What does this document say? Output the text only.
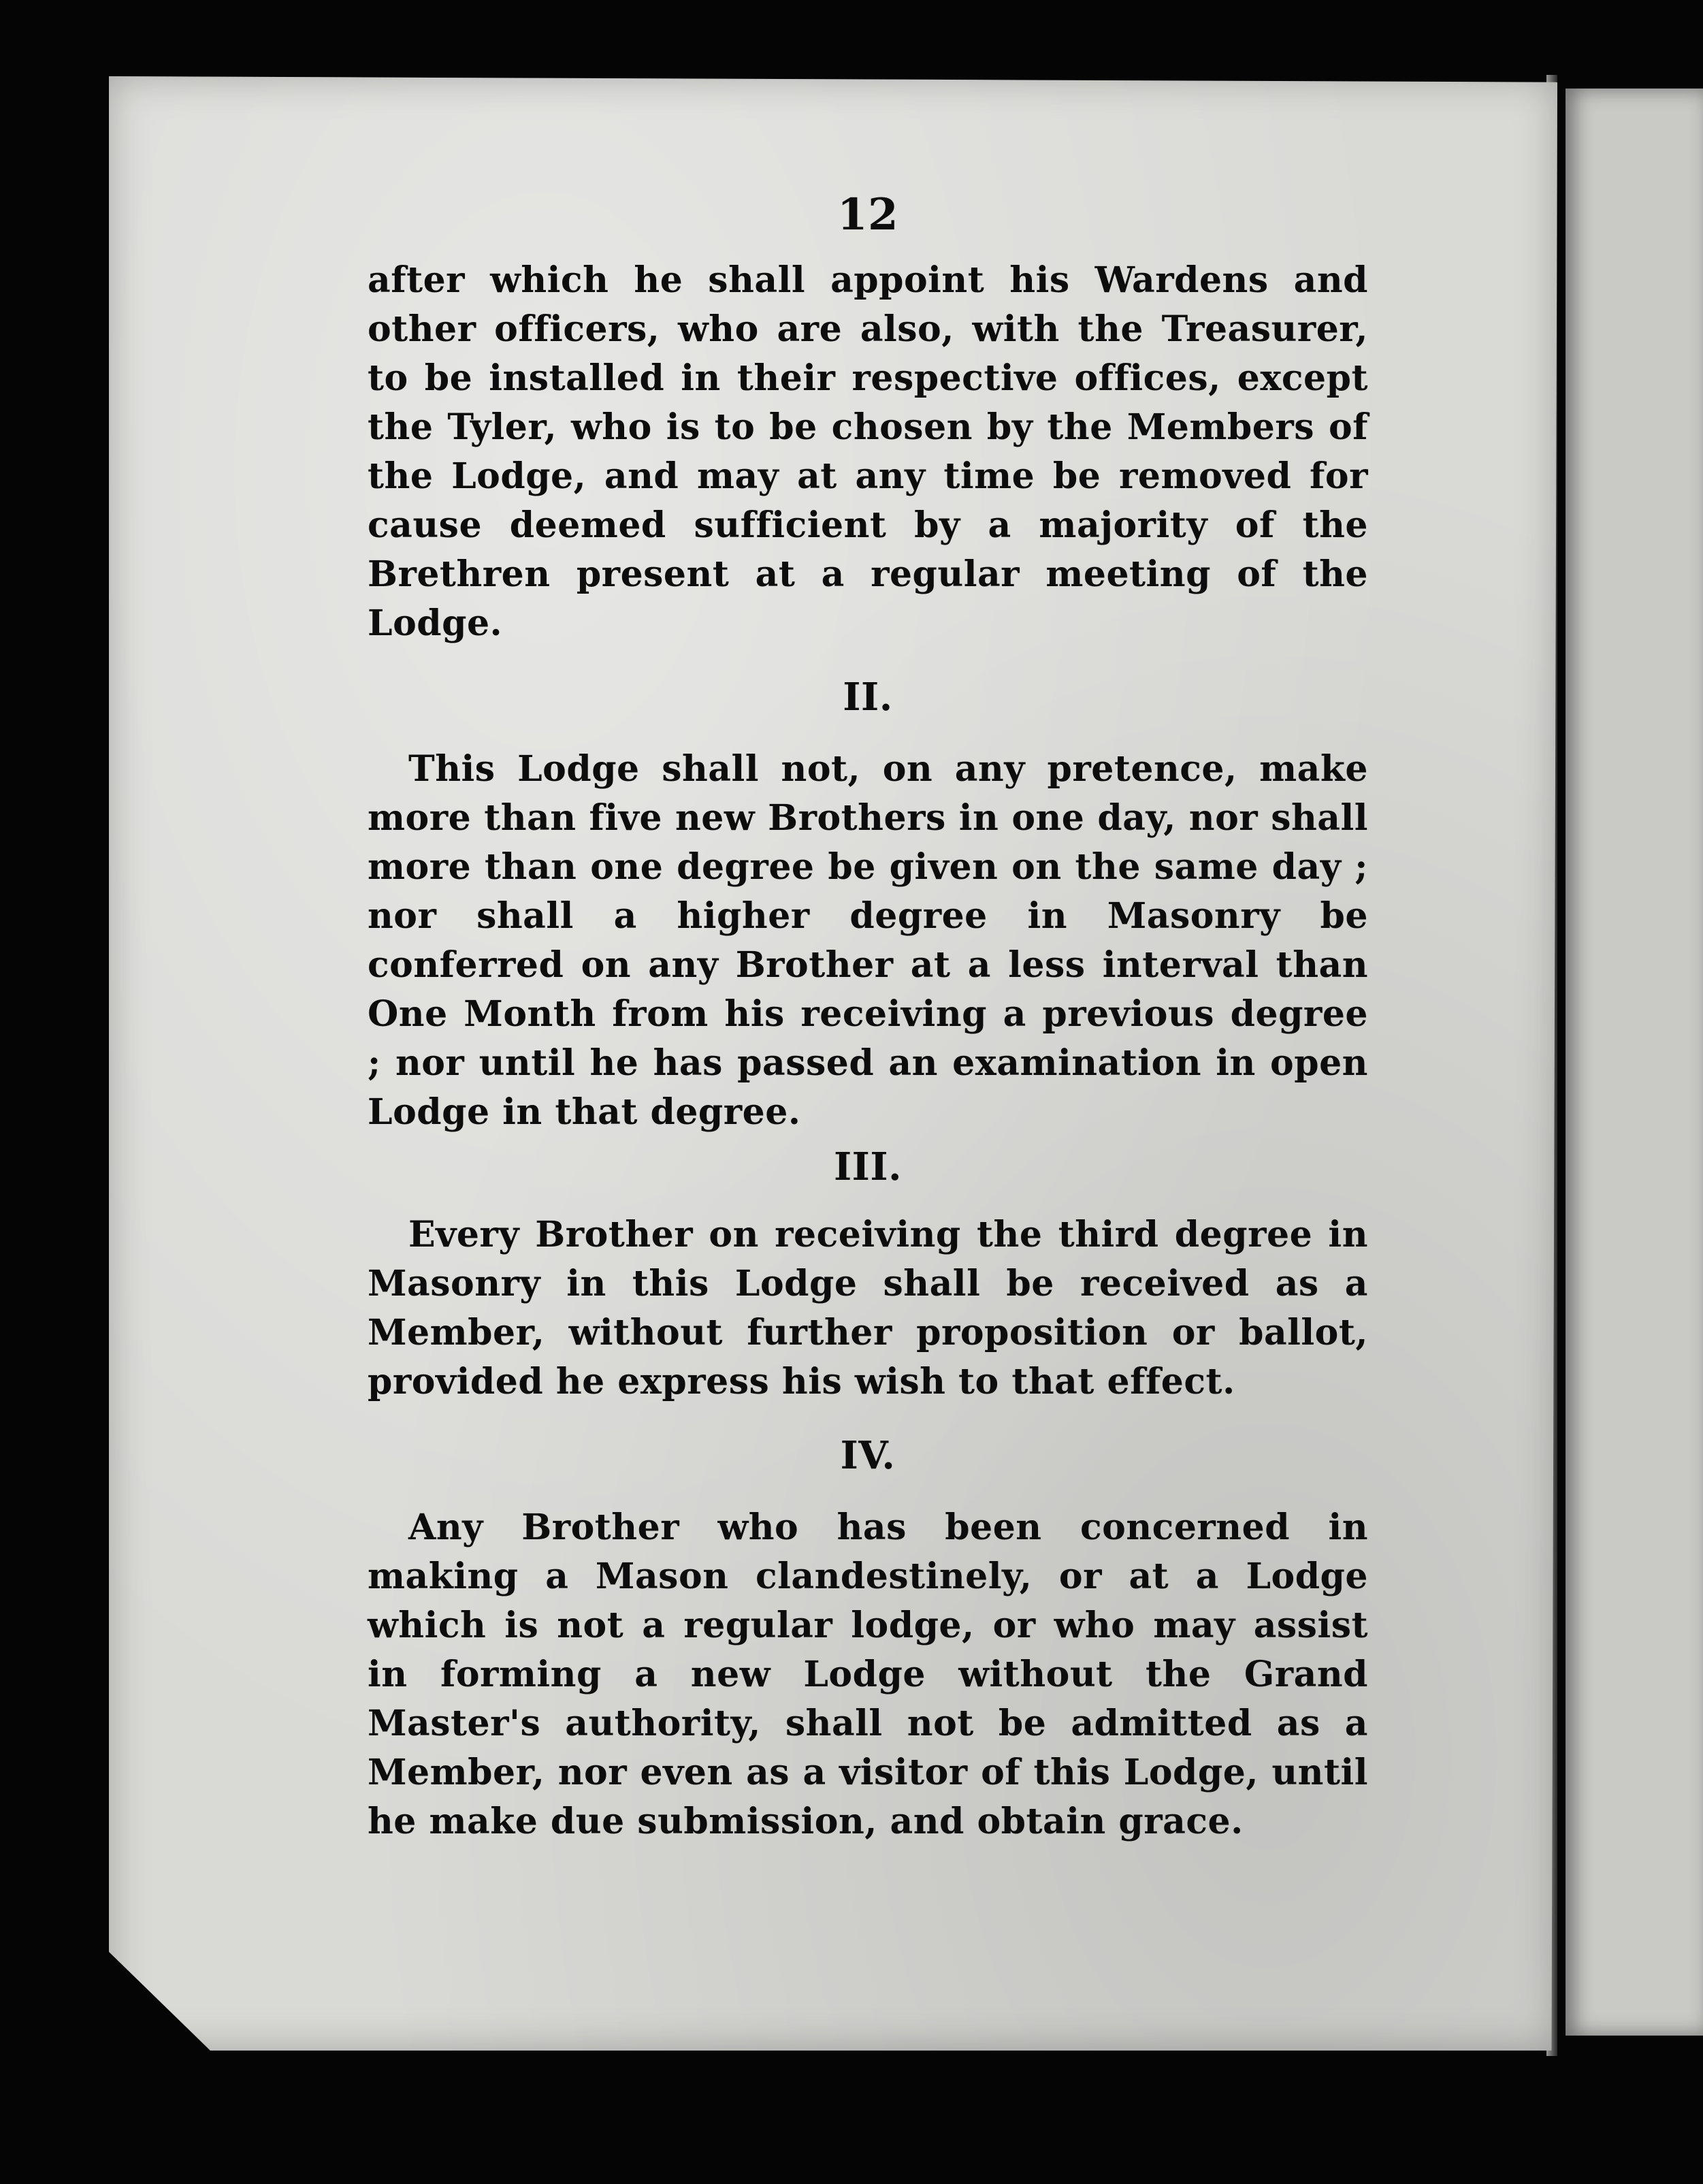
12

after which he shall appoint his Wardens and other officers, who are also, with the Treasurer, to be installed in their respective offices, except the Tyler, who is to be chosen by the Members of the Lodge, and may at any time be removed for cause deemed sufficient by a majority of the Brethren present at a regular meeting of the Lodge.

II.

This Lodge shall not, on any pretence, make more than five new Brothers in one day, nor shall more than one degree be given on the same day ; nor shall a higher degree in Masonry be conferred on any Brother at a less interval than One Month from his receiving a previous degree ; nor until he has passed an examination in open Lodge in that degree.

III.

Every Brother on receiving the third degree in Masonry in this Lodge shall be received as a Member, without further proposition or ballot, provided he express his wish to that effect.

IV.

Any Brother who has been concerned in making a Mason clandestinely, or at a Lodge which is not a regular lodge, or who may assist in forming a new Lodge without the Grand Master's authority, shall not be admitted as a Member, nor even as a visitor of this Lodge, until he make due submission, and obtain grace.
